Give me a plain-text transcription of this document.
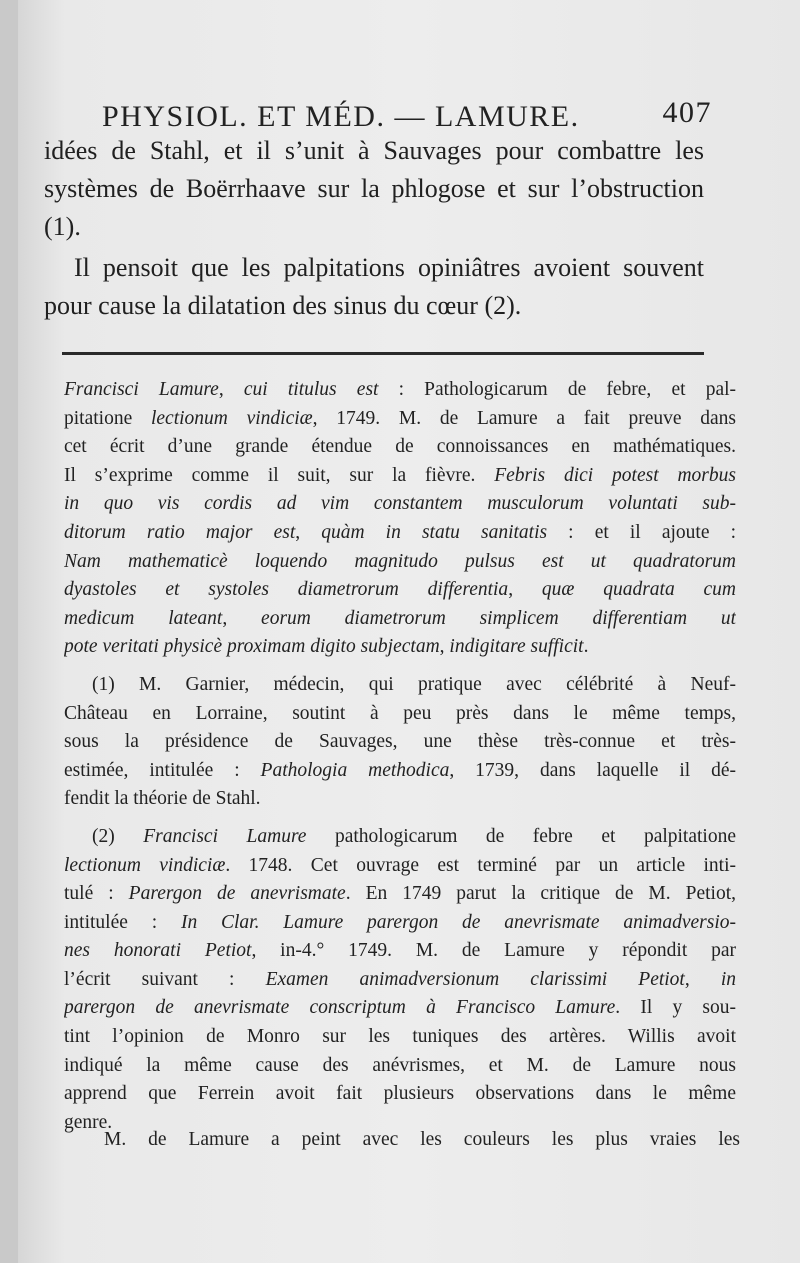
PHYSIOL. ET MÉD. — LAMURE.	407

idées de Stahl, et il s’unit à Sauvages pour combattre les systèmes de Boërrhaave sur la phlogose et sur l’obstruction (1).

Il pensoit que les palpitations opiniâtres avoient souvent pour cause la dilatation des sinus du cœur (2).

Francisci Lamure, cui titulus est : Pathologicarum de febre, et pal-
pitatione lectionum vindiciæ, 1749. M. de Lamure a fait preuve dans
cet écrit d’une grande étendue de connoissances en mathématiques.
Il s’exprime comme il suit, sur la fièvre. Febris dici potest morbus
in quo vis cordis ad vim constantem musculorum voluntati sub-
ditorum ratio major est, quàm in statu sanitatis : et il ajoute :
Nam mathematicè loquendo magnitudo pulsus est ut quadratorum
dyastoles et systoles diametrorum differentia, quæ quadrata cum
medicum lateant, eorum diametrorum simplicem differentiam ut
pote veritati physicè proximam digito subjectam, indigitare sufficit.

(1) M. Garnier, médecin, qui pratique avec célébrité à Neuf-
Château en Lorraine, soutint à peu près dans le même temps,
sous la présidence de Sauvages, une thèse très-connue et très-
estimée, intitulée : Pathologia methodica, 1739, dans laquelle il dé-
fendit la théorie de Stahl.

(2) Francisci Lamure pathologicarum de febre et palpitatione
lectionum vindiciæ. 1748. Cet ouvrage est terminé par un article inti-
tulé : Parergon de anevrismate. En 1749 parut la critique de M. Petiot,
intitulée : In Clar. Lamure parergon de anevrismate animadversio-
nes honorati Petiot, in-4.° 1749. M. de Lamure y répondit par
l’écrit suivant : Examen animadversionum clarissimi Petiot, in
parergon de anevrismate conscriptum à Francisco Lamure. Il y sou-
tint l’opinion de Monro sur les tuniques des artères. Willis avoit
indiqué la même cause des anévrismes, et M. de Lamure nous
apprend que Ferrein avoit fait plusieurs observations dans le même
genre.

M. de Lamure a peint avec les couleurs les plus vraies les
